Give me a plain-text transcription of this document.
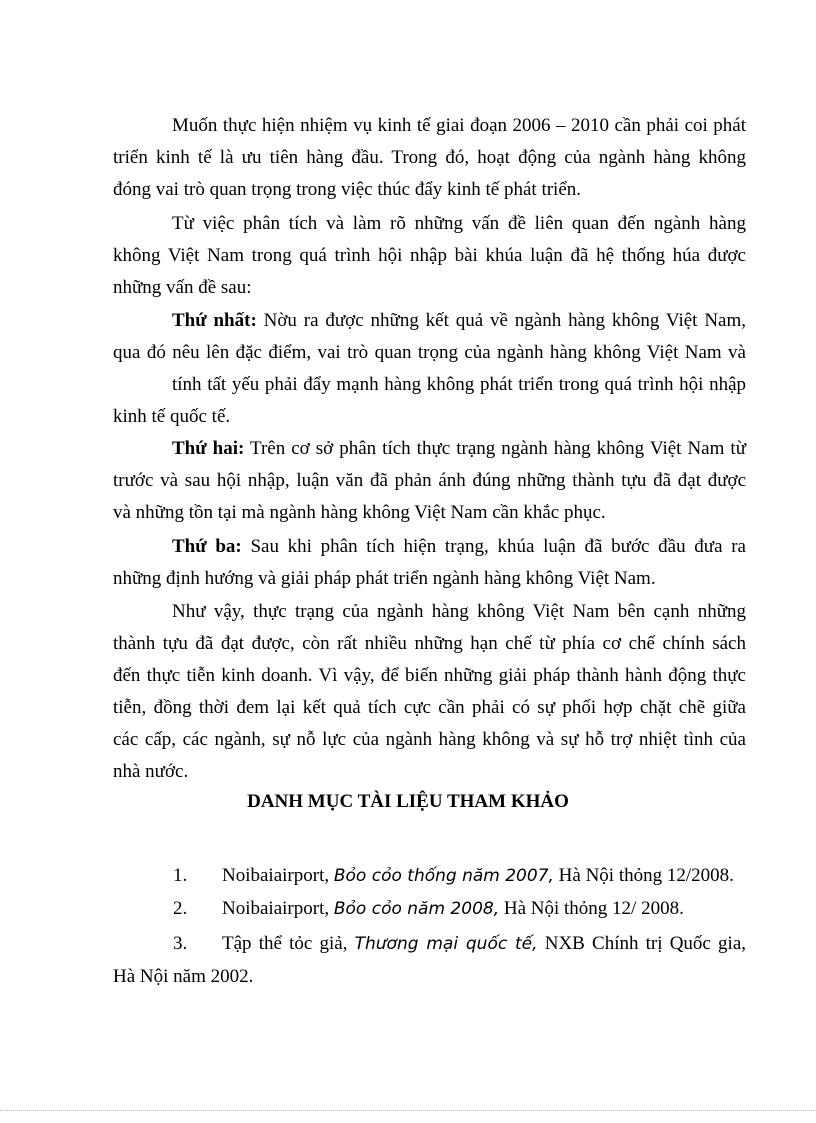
Muốn thực hiện nhiệm vụ kinh tế giai đoạn 2006 – 2010 cần phải coi phát

triển kinh tế là ưu tiên hàng đầu. Trong đó, hoạt động của ngành hàng không

đóng vai trò quan trọng trong việc thúc đẩy kinh tế phát triển.

Từ việc phân tích và làm rõ những vấn đề liên quan đến ngành hàng

không Việt Nam trong quá trình hội nhập bài khúa luận đã hệ thống húa được

những vấn đề sau:

Thứ nhất: Nờu ra được những kết quả về ngành hàng không Việt Nam,

qua đó nêu lên đặc điểm, vai trò quan trọng của ngành hàng không Việt Nam và

tính tất yếu phải đẩy mạnh hàng không phát triển trong quá trình hội nhập

kinh tế quốc tế.

Thứ hai: Trên cơ sở phân tích thực trạng ngành hàng không Việt Nam từ

trước và sau hội nhập, luận văn đã phản ánh đúng những thành tựu đã đạt được

và những tồn tại mà ngành hàng không Việt Nam cần khắc phục.

Thứ ba: Sau khi phân tích hiện trạng, khúa luận đã bước đầu đưa ra

những định hướng và giải pháp phát triển ngành hàng không Việt Nam.

Như vậy, thực trạng của ngành hàng không Việt Nam bên cạnh những

thành tựu đã đạt được, còn rất nhiều những hạn chế từ phía cơ chế chính sách

đến thực tiễn kinh doanh. Vì vậy, để biến những giải pháp thành hành động thực

tiễn, đồng thời đem lại kết quả tích cực cần phải có sự phối hợp chặt chẽ giữa

các cấp, các ngành, sự nỗ lực của ngành hàng không và sự hỗ trợ nhiệt tình của

nhà nước.

DANH MỤC TÀI LIỆU THAM KHẢO

1. Noibaiairport, Bỏo cỏo thống năm 2007, Hà Nội thỏng 12/2008.

2. Noibaiairport, Bỏo cỏo năm 2008, Hà Nội thỏng 12/ 2008.

3. Tập thể tỏc giả, Thương mại quốc tế, NXB Chính trị Quốc gia,

Hà Nội năm 2002.
